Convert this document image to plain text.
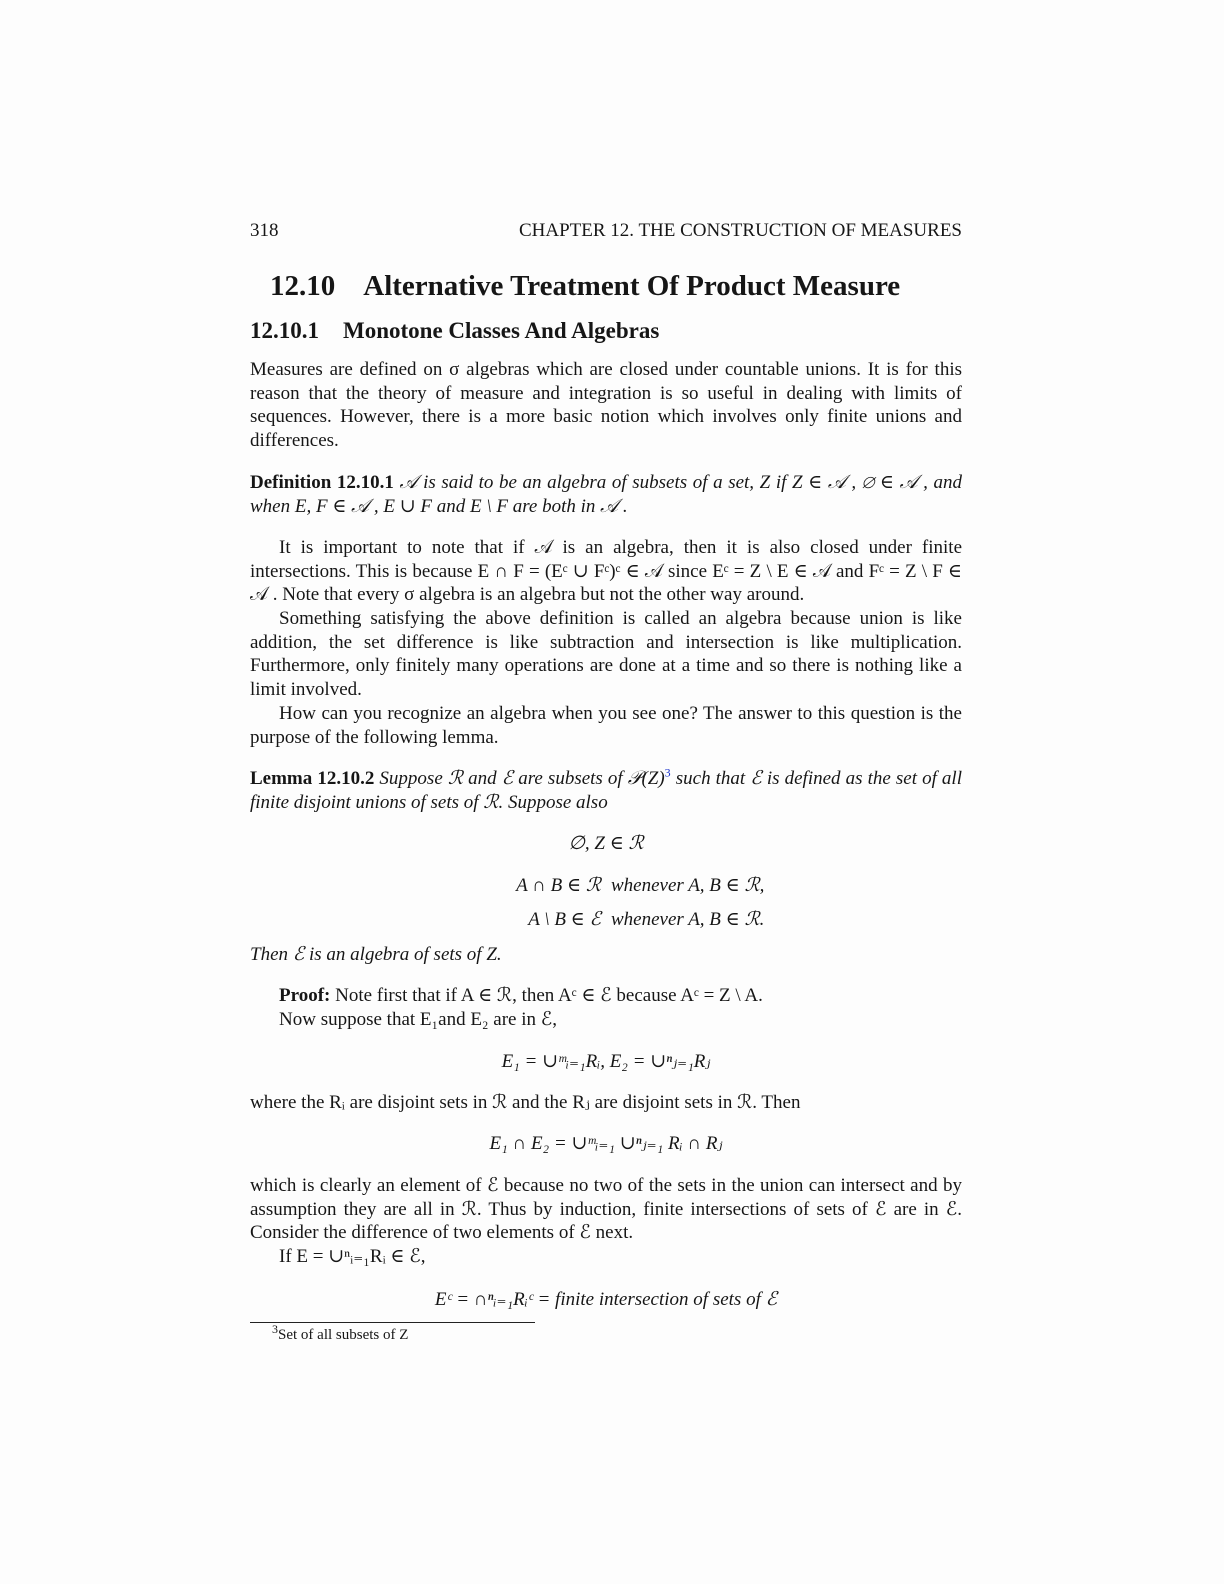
318	CHAPTER 12. THE CONSTRUCTION OF MEASURES
12.10 Alternative Treatment Of Product Measure
12.10.1 Monotone Classes And Algebras
Measures are defined on σ algebras which are closed under countable unions. It is for this reason that the theory of measure and integration is so useful in dealing with limits of sequences. However, there is a more basic notion which involves only finite unions and differences.
Definition 12.10.1 𝒜 is said to be an algebra of subsets of a set, Z if Z ∈ 𝒜 , ∅ ∈ 𝒜 , and when E, F ∈ 𝒜 , E ∪ F and E \ F are both in 𝒜 .
It is important to note that if 𝒜 is an algebra, then it is also closed under finite intersections. This is because E ∩ F = (Eᶜ ∪ Fᶜ)ᶜ ∈ 𝒜 since Eᶜ = Z \ E ∈ 𝒜 and Fᶜ = Z \ F ∈ 𝒜 . Note that every σ algebra is an algebra but not the other way around.
Something satisfying the above definition is called an algebra because union is like addition, the set difference is like subtraction and intersection is like multiplication. Furthermore, only finitely many operations are done at a time and so there is nothing like a limit involved.
How can you recognize an algebra when you see one? The answer to this question is the purpose of the following lemma.
Lemma 12.10.2 Suppose ℛ and ℰ are subsets of 𝒫(Z)$^3$ such that ℰ is defined as the set of all finite disjoint unions of sets of ℛ. Suppose also
∅, Z ∈ ℛ
A ∩ B ∈ ℛ whenever A, B ∈ ℛ,
A \ B ∈ ℰ whenever A, B ∈ ℛ.
Then ℰ is an algebra of sets of Z.
Proof: Note first that if A ∈ ℛ, then Aᶜ ∈ ℰ because Aᶜ = Z \ A.
Now suppose that E₁and E₂ are in ℰ,
E₁ = ∪ᵐᵢ₌₁Rᵢ, E₂ = ∪ⁿⱼ₌₁Rⱼ
where the Rᵢ are disjoint sets in ℛ and the Rⱼ are disjoint sets in ℛ. Then
E₁ ∩ E₂ = ∪ᵐᵢ₌₁ ∪ⁿⱼ₌₁ Rᵢ ∩ Rⱼ
which is clearly an element of ℰ because no two of the sets in the union can intersect and by assumption they are all in ℛ. Thus by induction, finite intersections of sets of ℰ are in ℰ. Consider the difference of two elements of ℰ next.
If E = ∪ⁿᵢ₌₁Rᵢ ∈ ℰ,
Eᶜ = ∩ⁿᵢ₌₁Rᵢᶜ = finite intersection of sets of ℰ
$^3$Set of all subsets of Z
